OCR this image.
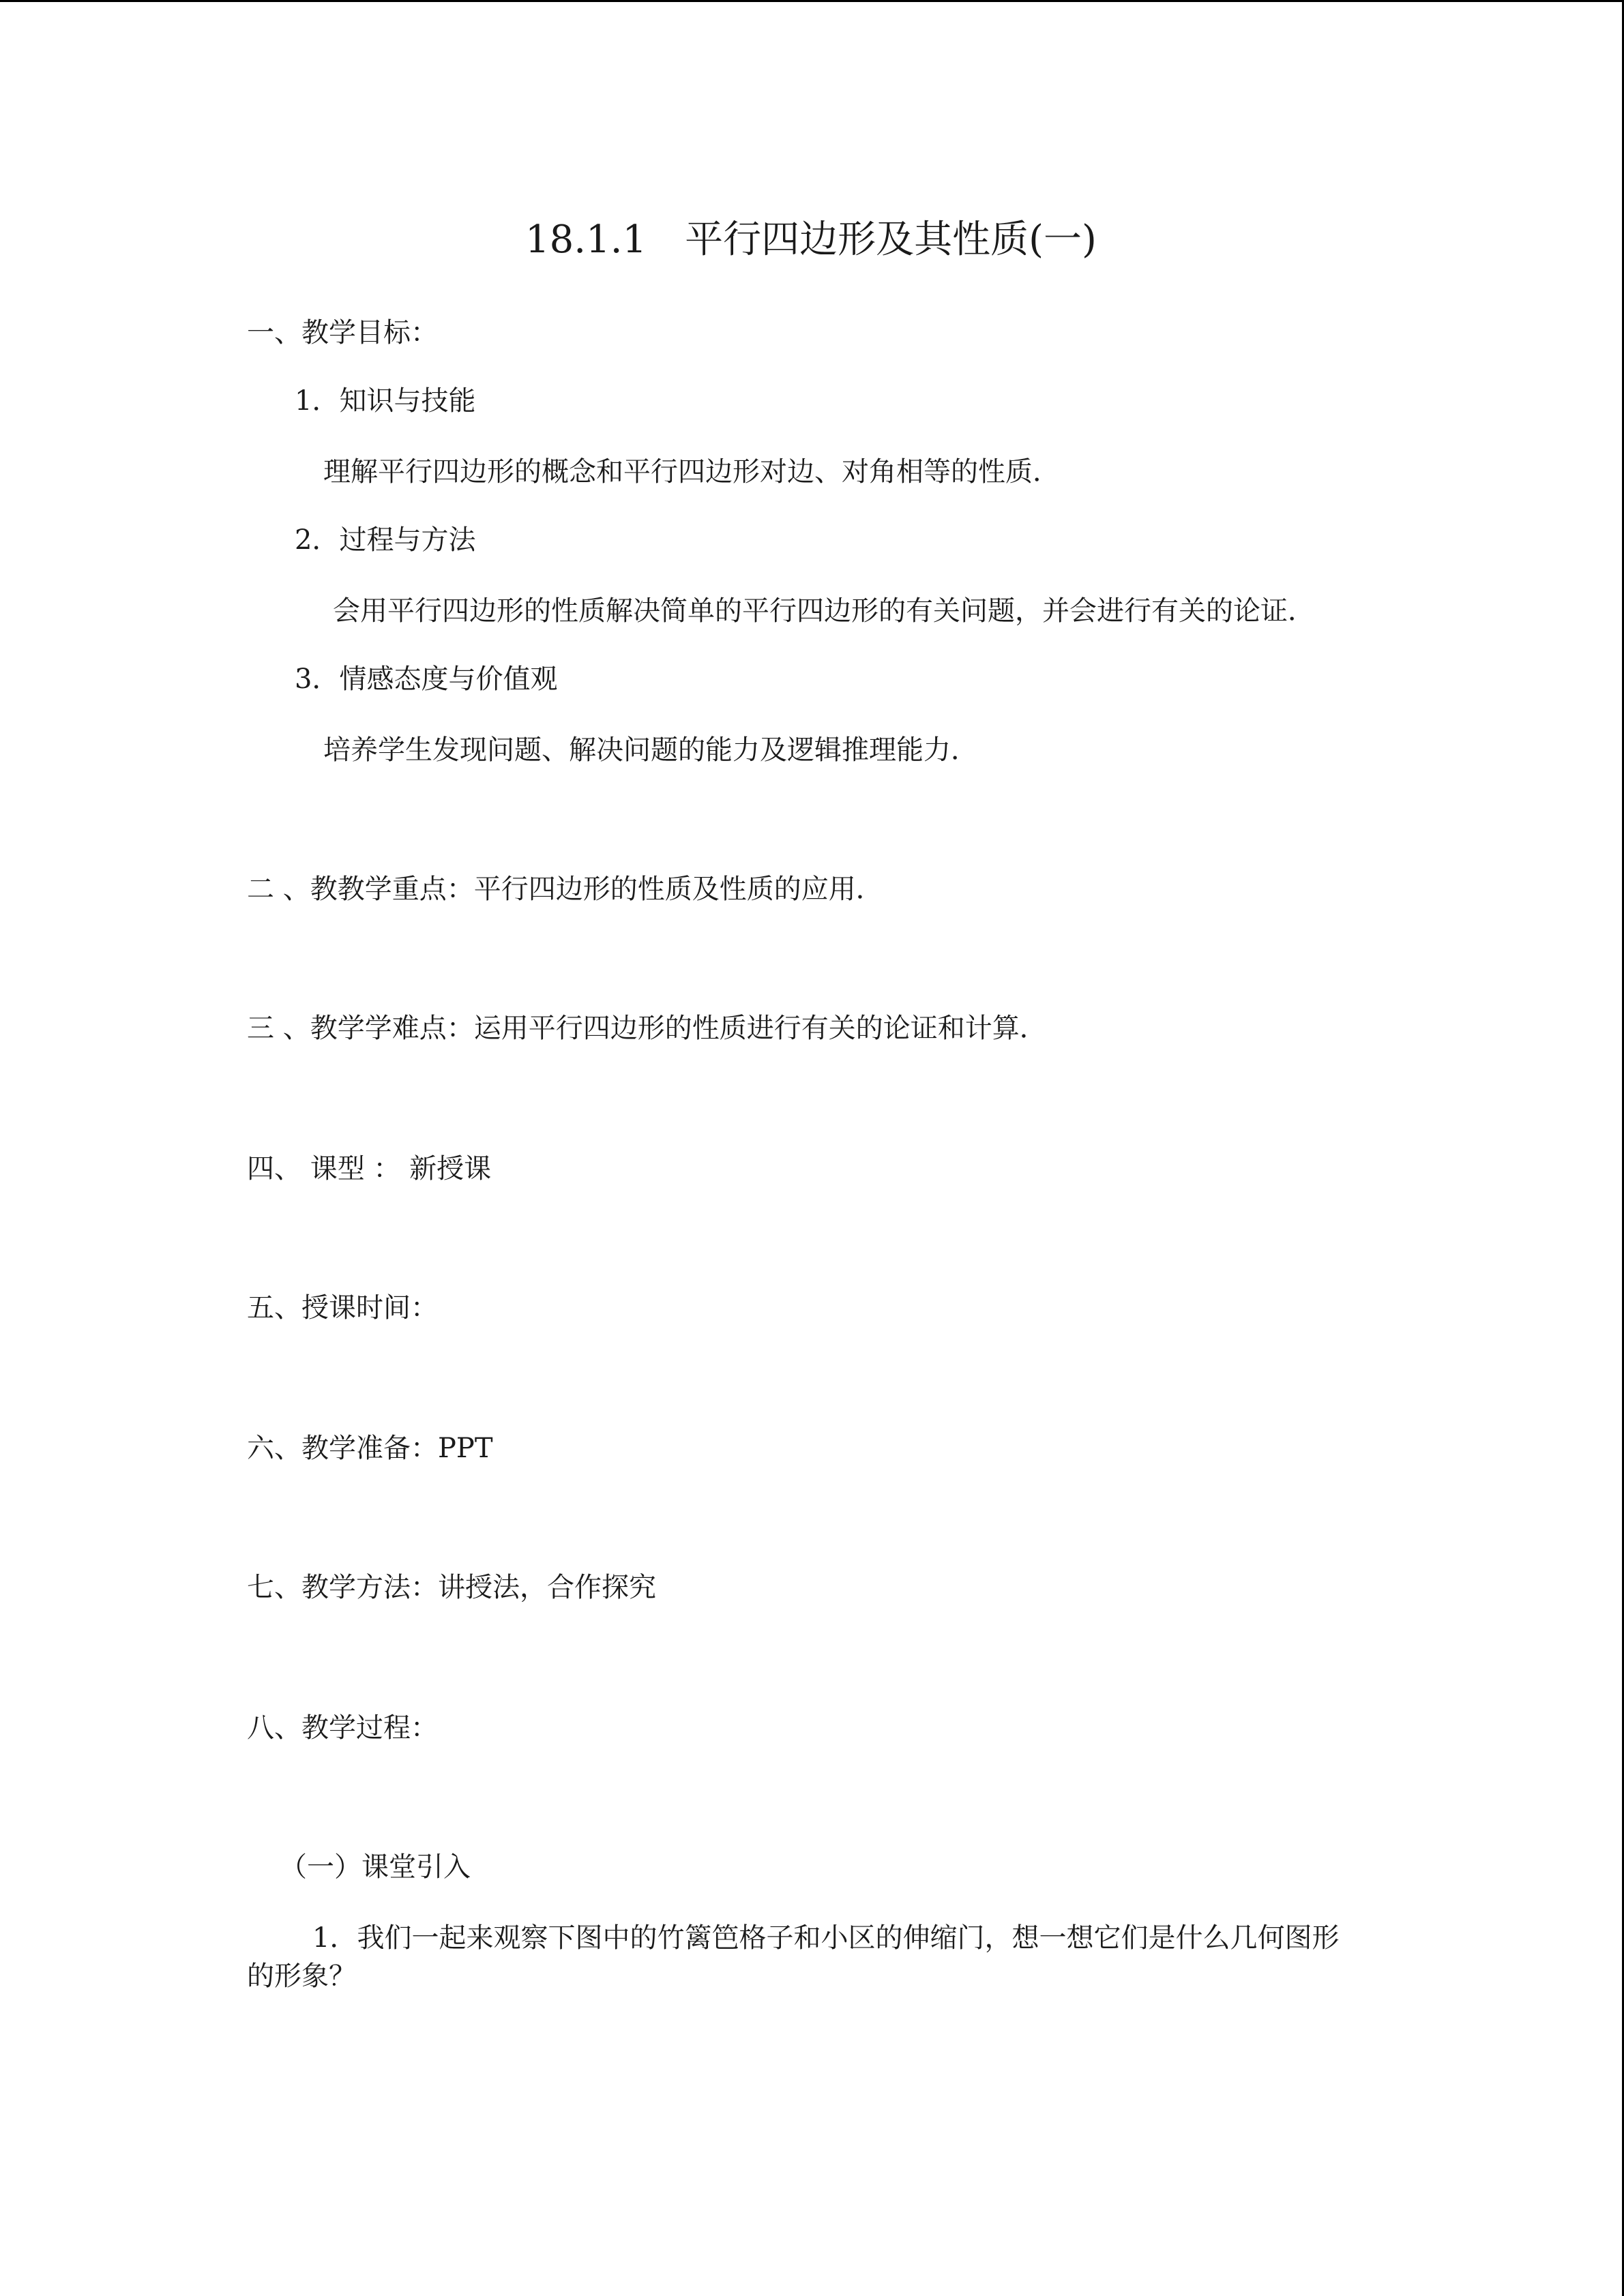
18.1.1　平行四边形及其性质(一)
一、教学目标：
1．知识与技能
理解平行四边形的概念和平行四边形对边、对角相等的性质．
2．过程与方法
会用平行四边形的性质解决简单的平行四边形的有关问题，并会进行有关的论证．
3．情感态度与价值观
培养学生发现问题、解决问题的能力及逻辑推理能力．
二 、教教学重点：平行四边形的性质及性质的应用．
三 、教学学难点：运用平行四边形的性质进行有关的论证和计算．
四、 课型 ： 新授课
五、授课时间：
六、教学准备：PPT
七、教学方法：讲授法，合作探究
八、教学过程：
（一）课堂引入
1．我们一起来观察下图中的竹篱笆格子和小区的伸缩门，想一想它们是什么几何图形
的形象？
